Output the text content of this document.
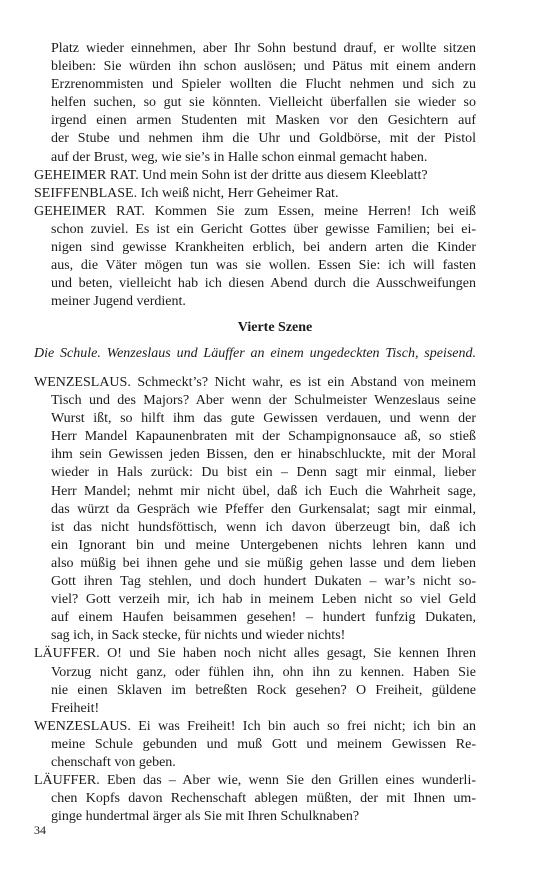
Platz wieder einnehmen, aber Ihr Sohn bestund drauf, er wollte sitzen
bleiben: Sie würden ihn schon auslösen; und Pätus mit einem andern
Erzrenommisten und Spieler wollten die Flucht nehmen und sich zu
helfen suchen, so gut sie könnten. Vielleicht überfallen sie wieder so
irgend einen armen Studenten mit Masken vor den Gesichtern auf
der Stube und nehmen ihm die Uhr und Goldbörse, mit der Pistol
auf der Brust, weg, wie sie’s in Halle schon einmal gemacht haben.
GEHEIMER RAT. Und mein Sohn ist der dritte aus diesem Kleeblatt?
SEIFFENBLASE. Ich weiß nicht, Herr Geheimer Rat.
GEHEIMER RAT. Kommen Sie zum Essen, meine Herren! Ich weiß
schon zuviel. Es ist ein Gericht Gottes über gewisse Familien; bei ei-
nigen sind gewisse Krankheiten erblich, bei andern arten die Kinder
aus, die Väter mögen tun was sie wollen. Essen Sie: ich will fasten
und beten, vielleicht hab ich diesen Abend durch die Ausschweifungen
meiner Jugend verdient.
Vierte Szene
Die Schule. Wenzeslaus und Läuffer an einem ungedeckten Tisch, speisend.
WENZESLAUS. Schmeckt’s? Nicht wahr, es ist ein Abstand von meinem
Tisch und des Majors? Aber wenn der Schulmeister Wenzeslaus seine
Wurst ißt, so hilft ihm das gute Gewissen verdauen, und wenn der
Herr Mandel Kapaunenbraten mit der Schampignonsauce aß, so stieß
ihm sein Gewissen jeden Bissen, den er hinabschluckte, mit der Moral
wieder in Hals zurück: Du bist ein – Denn sagt mir einmal, lieber
Herr Mandel; nehmt mir nicht übel, daß ich Euch die Wahrheit sage,
das würzt da Gespräch wie Pfeffer den Gurkensalat; sagt mir einmal,
ist das nicht hundsföttisch, wenn ich davon überzeugt bin, daß ich
ein Ignorant bin und meine Untergebenen nichts lehren kann und
also müßig bei ihnen gehe und sie müßig gehen lasse und dem lieben
Gott ihren Tag stehlen, und doch hundert Dukaten – war’s nicht so-
viel? Gott verzeih mir, ich hab in meinem Leben nicht so viel Geld
auf einem Haufen beisammen gesehen! – hundert funfzig Dukaten,
sag ich, in Sack stecke, für nichts und wieder nichts!
LÄUFFER. O! und Sie haben noch nicht alles gesagt, Sie kennen Ihren
Vorzug nicht ganz, oder fühlen ihn, ohn ihn zu kennen. Haben Sie
nie einen Sklaven im betreßten Rock gesehen? O Freiheit, güldene
Freiheit!
WENZESLAUS. Ei was Freiheit! Ich bin auch so frei nicht; ich bin an
meine Schule gebunden und muß Gott und meinem Gewissen Re-
chenschaft von geben.
LÄUFFER. Eben das – Aber wie, wenn Sie den Grillen eines wunderli-
chen Kopfs davon Rechenschaft ablegen müßten, der mit Ihnen um-
ginge hundertmal ärger als Sie mit Ihren Schulknaben?
34
